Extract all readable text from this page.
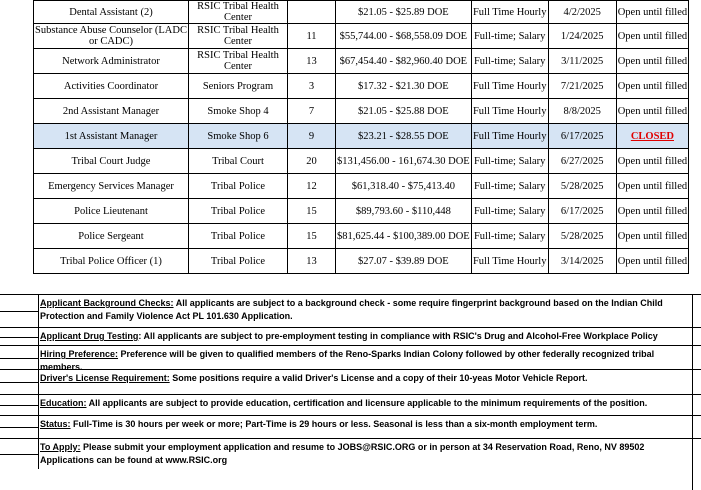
Dental Assistant (2)	RSIC Tribal Health Center		$21.05 - $25.89 DOE	Full Time Hourly	4/2/2025	Open until filled
Substance Abuse Counselor (LADC or CADC)	RSIC Tribal Health Center	11	$55,744.00 - $68,558.09 DOE	Full-time; Salary	1/24/2025	Open until filled
Network Administrator	RSIC Tribal Health Center	13	$67,454.40 - $82,960.40 DOE	Full-time; Salary	3/11/2025	Open until filled
Activities Coordinator	Seniors Program	3	$17.32 - $21.30 DOE	Full Time Hourly	7/21/2025	Open until filled
2nd Assistant Manager	Smoke Shop 4	7	$21.05 - $25.88 DOE	Full Time Hourly	8/8/2025	Open until filled
1st Assistant Manager	Smoke Shop 6	9	$23.21 - $28.55 DOE	Full Time Hourly	6/17/2025	CLOSED
Tribal Court Judge	Tribal Court	20	$131,456.00 - 161,674.30 DOE	Full-time; Salary	6/27/2025	Open until filled
Emergency Services Manager	Tribal Police	12	$61,318.40 - $75,413.40	Full-time; Salary	5/28/2025	Open until filled
Police Lieutenant	Tribal Police	15	$89,793.60 - $110,448	Full-time; Salary	6/17/2025	Open until filled
Police Sergeant	Tribal Police	15	$81,625.44 - $100,389.00 DOE	Full-time; Salary	5/28/2025	Open until filled
Tribal Police Officer (1)	Tribal Police	13	$27.07 - $39.89 DOE	Full Time Hourly	3/14/2025	Open until filled
Applicant Background Checks: All applicants are subject to a background check - some require fingerprint background based on the Indian Child Protection and Family Violence Act PL 101.630 Application.
Applicant Drug Testing: All applicants are subject to pre-employment testing in compliance with RSIC's Drug and Alcohol-Free Workplace Policy
Hiring Preference: Preference will be given to qualified members of the Reno-Sparks Indian Colony followed by other federally recognized tribal members.
Driver's License Requirement: Some positions require a valid Driver's License and a copy of their 10-yeas Motor Vehicle Report.
Education: All applicants are subject to provide education, certification and licensure applicable to the minimum requirements of the position.
Status: Full-Time is 30 hours per week or more; Part-Time is 29 hours or less. Seasonal is less than a six-month employment term.
To Apply: Please submit your employment application and resume to JOBS@RSIC.ORG or in person at 34 Reservation Road, Reno, NV 89502 Applications can be found at www.RSIC.org
